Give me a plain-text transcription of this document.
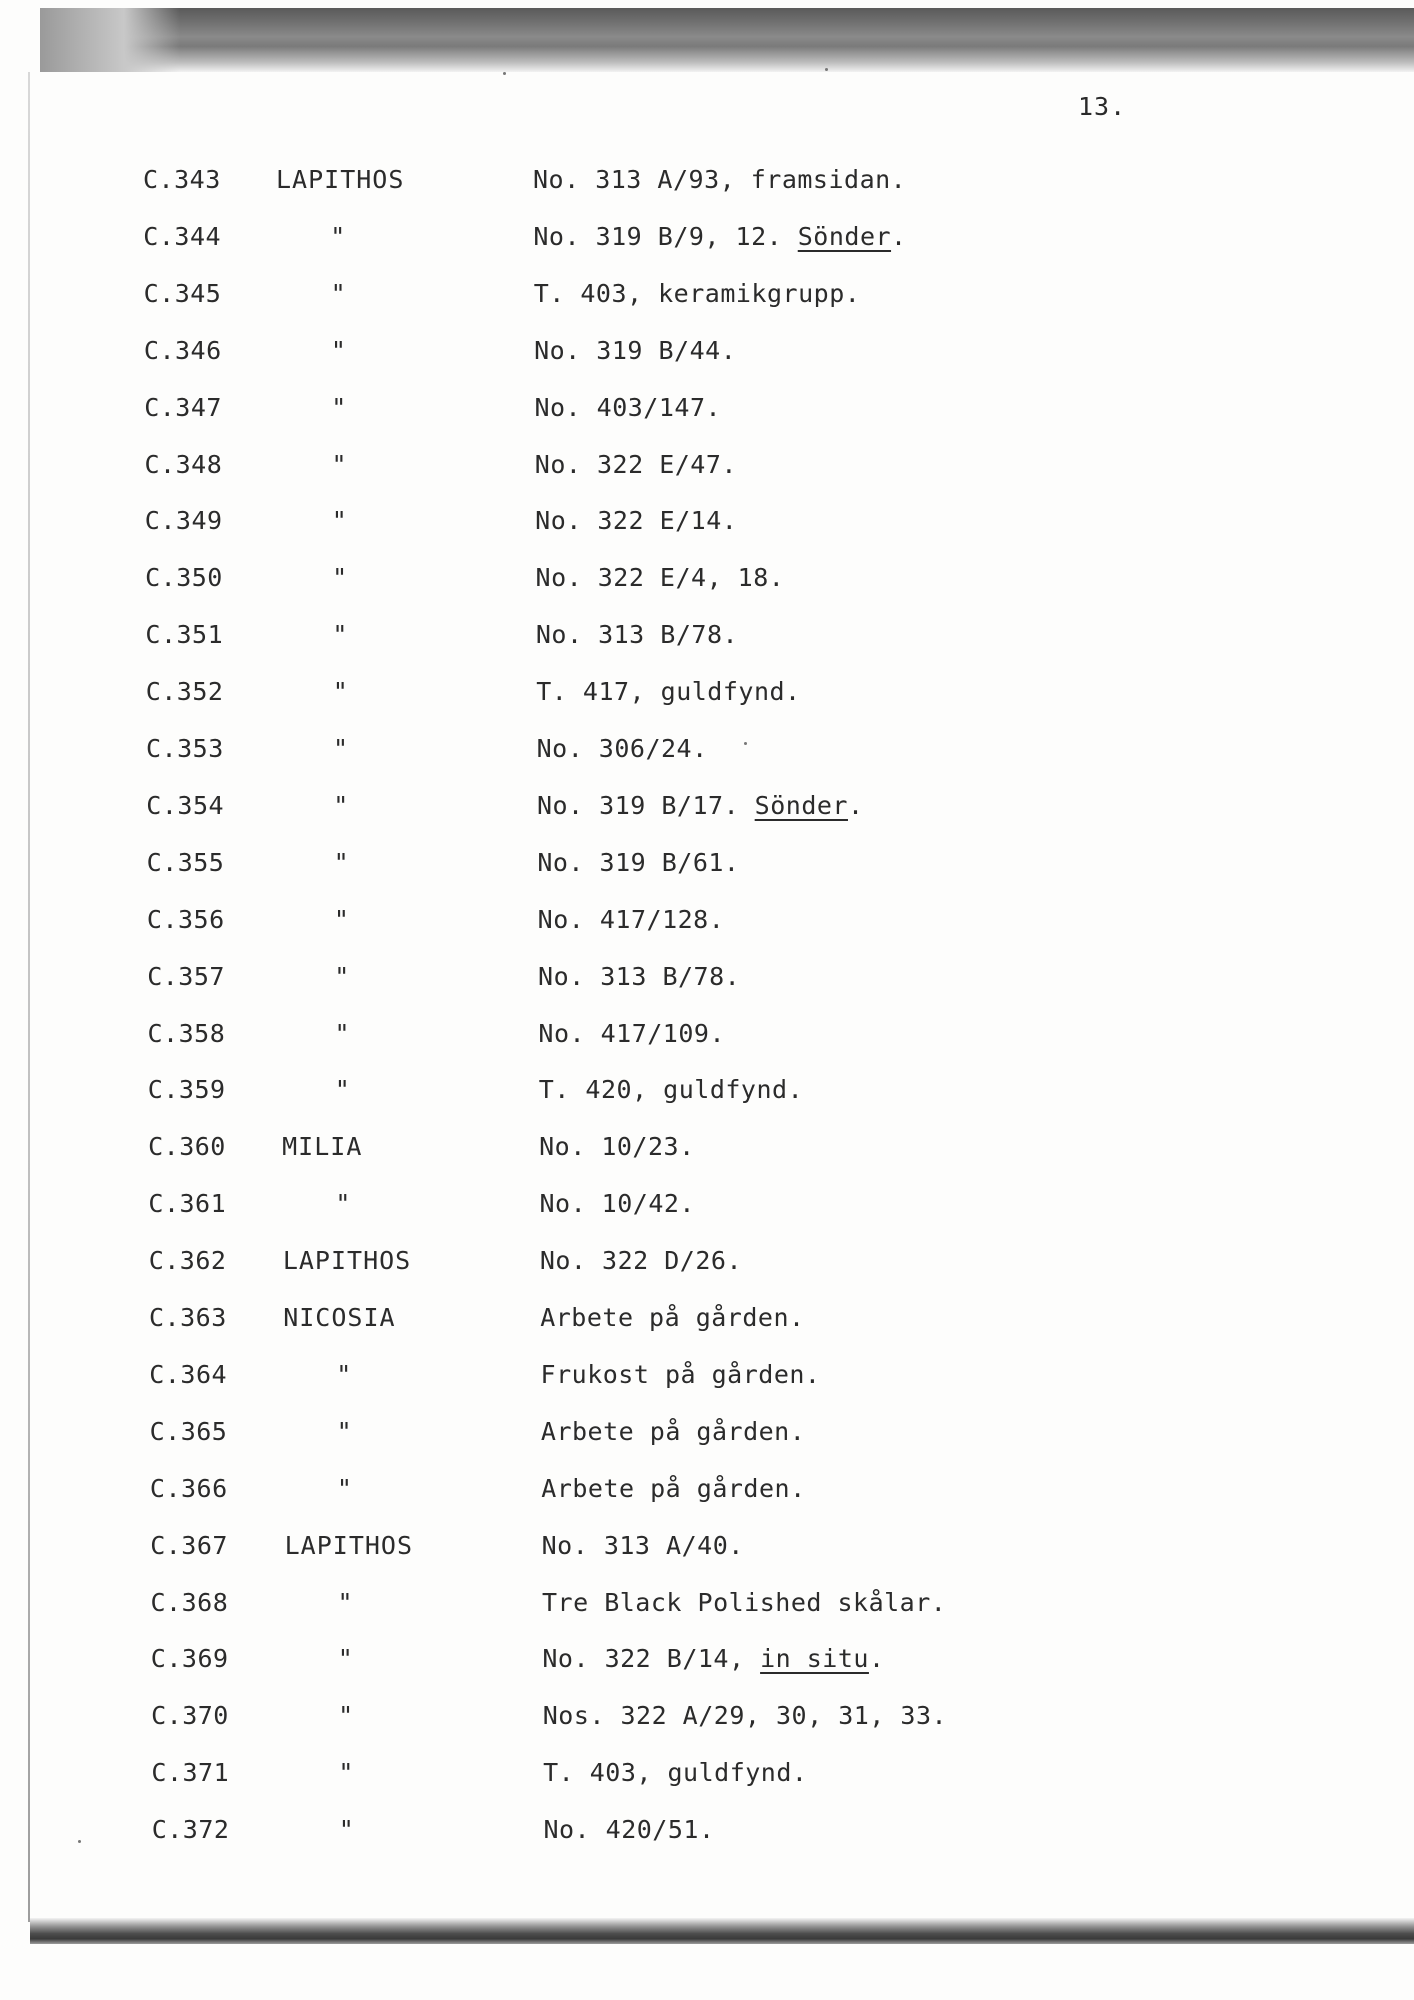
13.
C.343 LAPITHOS	No. 313 A/93, framsidan.
C.344	"	No. 319 B/9, 12. Sönder.
C.345	"	T. 403, keramikgrupp.
C.346	"	No. 319 B/44.
C.347	"	No. 403/147.
C.348	"	No. 322 E/47.
C.349	"	No. 322 E/14.
C.350	"	No. 322 E/4, 18.
C.351	"	No. 313 B/78.
C.352	"	T. 417, guldfynd.
C.353	"	No. 306/24.
C.354	"	No. 319 B/17. Sönder.
C.355	"	No. 319 B/61.
C.356	"	No. 417/128.
C.357	"	No. 313 B/78.
C.358	"	No. 417/109.
C.359	"	T. 420, guldfynd.
C.360 MILIA	No. 10/23.
C.361	"	No. 10/42.
C.362 LAPITHOS	No. 322 D/26.
C.363 NICOSIA	Arbete på gården.
C.364	"	Frukost på gården.
C.365	"	Arbete på gården.
C.366	"	Arbete på gården.
C.367 LAPITHOS	No. 313 A/40.
C.368	"	Tre Black Polished skålar.
C.369	"	No. 322 B/14, in situ.
C.370	"	Nos. 322 A/29, 30, 31, 33.
C.371	"	T. 403, guldfynd.
C.372	"	No. 420/51.
